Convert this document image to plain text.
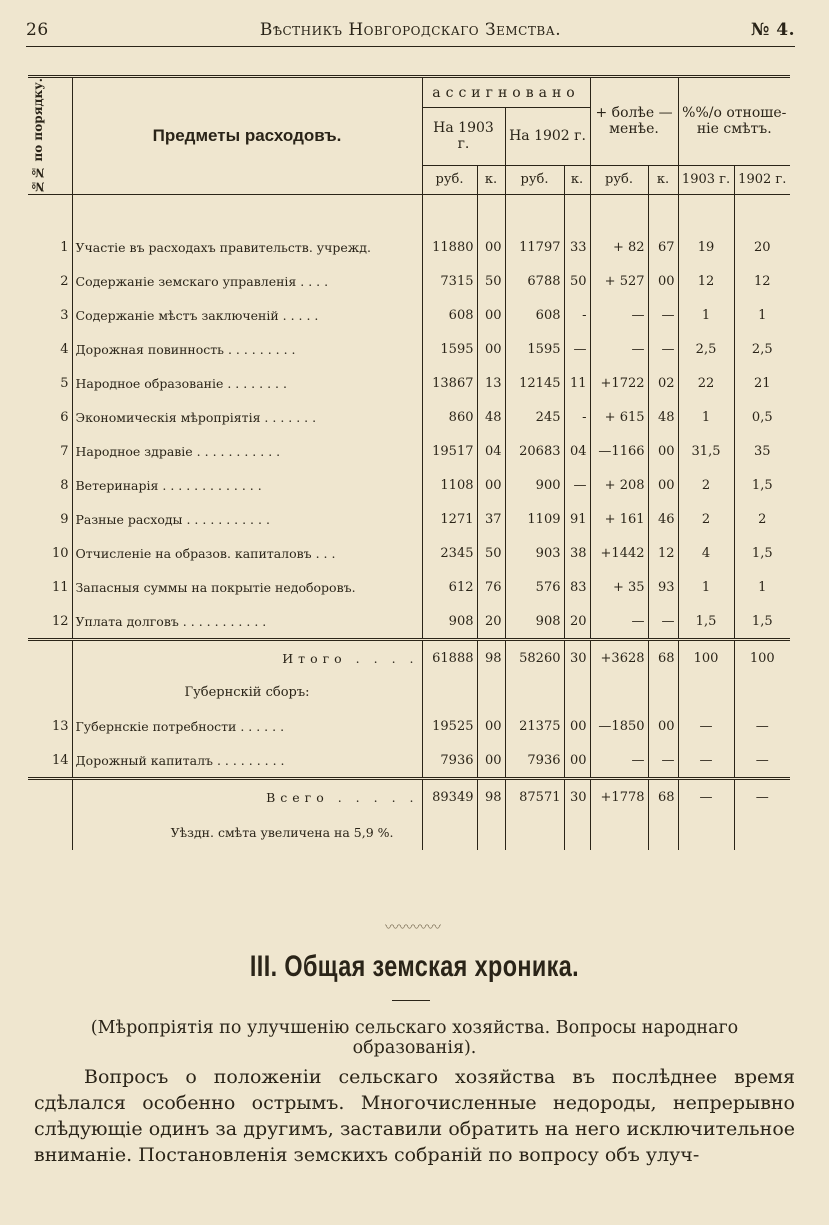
26	Вѣстникъ Новгородскаго Земства.	№ 4.
№№ по порядку.	Предметы расходовъ.	ассигновано				+ болѣе — менѣе.		%%/o отноше-ніе смѣтъ.	
		На 1903 г.		На 1902 г.					
		руб.	к.	руб.	к.	руб.	к.	1903 г.	1902 г.

1	Участіе въ расходахъ правительств. учрежд.	11880	00	11797	33	+ 82	67	19	20
2	Содержаніе земскаго управленія . . . .	7315	50	6788	50	+ 527	00	12	12
3	Содержаніе мѣстъ заключеній . . . . .	608	00	608	-	—	—	1	1
4	Дорожная повинность . . . . . . . . .	1595	00	1595	—	—	—	2,5	2,5
5	Народное образованіе . . . . . . . .	13867	13	12145	11	+1722	02	22	21
6	Экономическія мѣропріятія . . . . . . .	860	48	245	-	+ 615	48	1	0,5
7	Народное здравіе . . . . . . . . . . .	19517	04	20683	04	—1166	00	31,5	35
8	Ветеринарія . . . . . . . . . . . . .	1108	00	900	—	+ 208	00	2	1,5
9	Разные расходы . . . . . . . . . . .	1271	37	1109	91	+ 161	46	2	2
10	Отчисленіе на образов. капиталовъ . . .	2345	50	903	38	+1442	12	4	1,5
11	Запасныя суммы на покрытіе недоборовъ.	612	76	576	83	+ 35	93	1	1
12	Уплата долговъ . . . . . . . . . . .	908	20	908	20	—	—	1,5	1,5
	Итого . . . .	61888	98	58260	30	+3628	68	100	100
	Губернскій сборъ:								
13	Губернскіе потребности . . . . . .	19525	00	21375	00	—1850	00	—	—
14	Дорожный капиталъ . . . . . . . . .	7936	00	7936	00	—	—	—	—
	Всего . . . . .	89349	98	87571	30	+1778	68	—	—
	Уѣздн. смѣта увеличена на 5,9 %.								
〰〰〰〰
III. Общая земская хроника.
(Мѣропріятія по улучшенію сельскаго хозяйства. Вопросы народнаго образованія).
Вопросъ о положеніи сельскаго хозяйства въ послѣднее время сдѣлался особенно острымъ. Многочисленные недороды, непрерывно слѣдующіе одинъ за другимъ, заставили обратить на него исключительное вниманіе. Постановленія земскихъ собраній по вопросу объ улуч-
